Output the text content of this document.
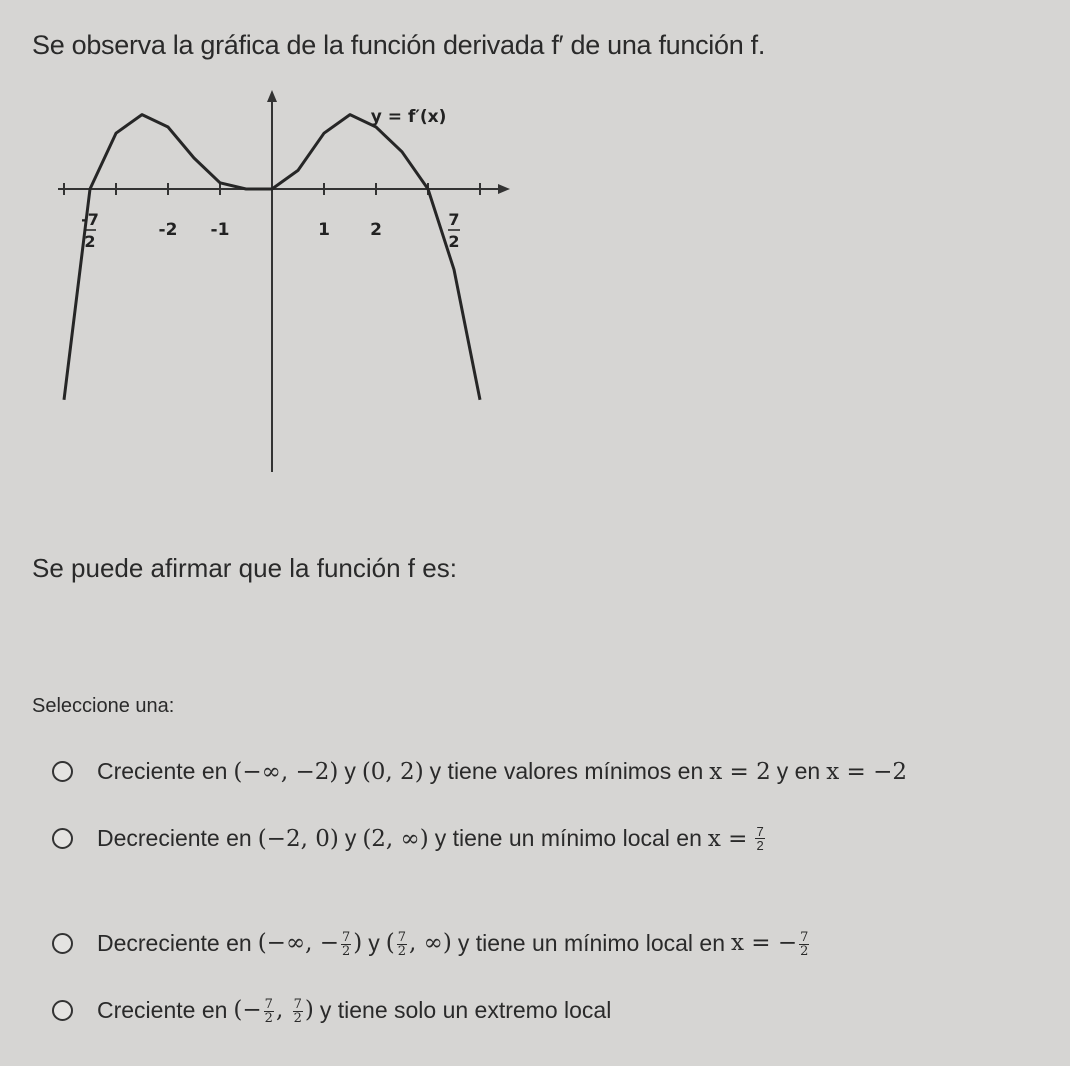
Se observa la gráfica de la función derivada f′ de una función f.
y = f′(x)
-7
2
-2 -1	1 2
7
2
Se puede afirmar que la función f es:
Seleccione una:
Creciente en (−∞, −2) y (0, 2) y tiene valores mínimos en x = 2 y en x = −2
Decreciente en (−2, 0) y (2, ∞) y tiene un mínimo local en $x = \frac{7}{2}$
Decreciente en (−∞, − $\frac{7}{2}$ ) y ( $\frac{7}{2}$ , ∞) y tiene un mínimo local en x = − $\frac{7}{2}$
Creciente en (− $\frac{7}{2}$ , $\frac{7}{2}$ ) y tiene solo un extremo local
